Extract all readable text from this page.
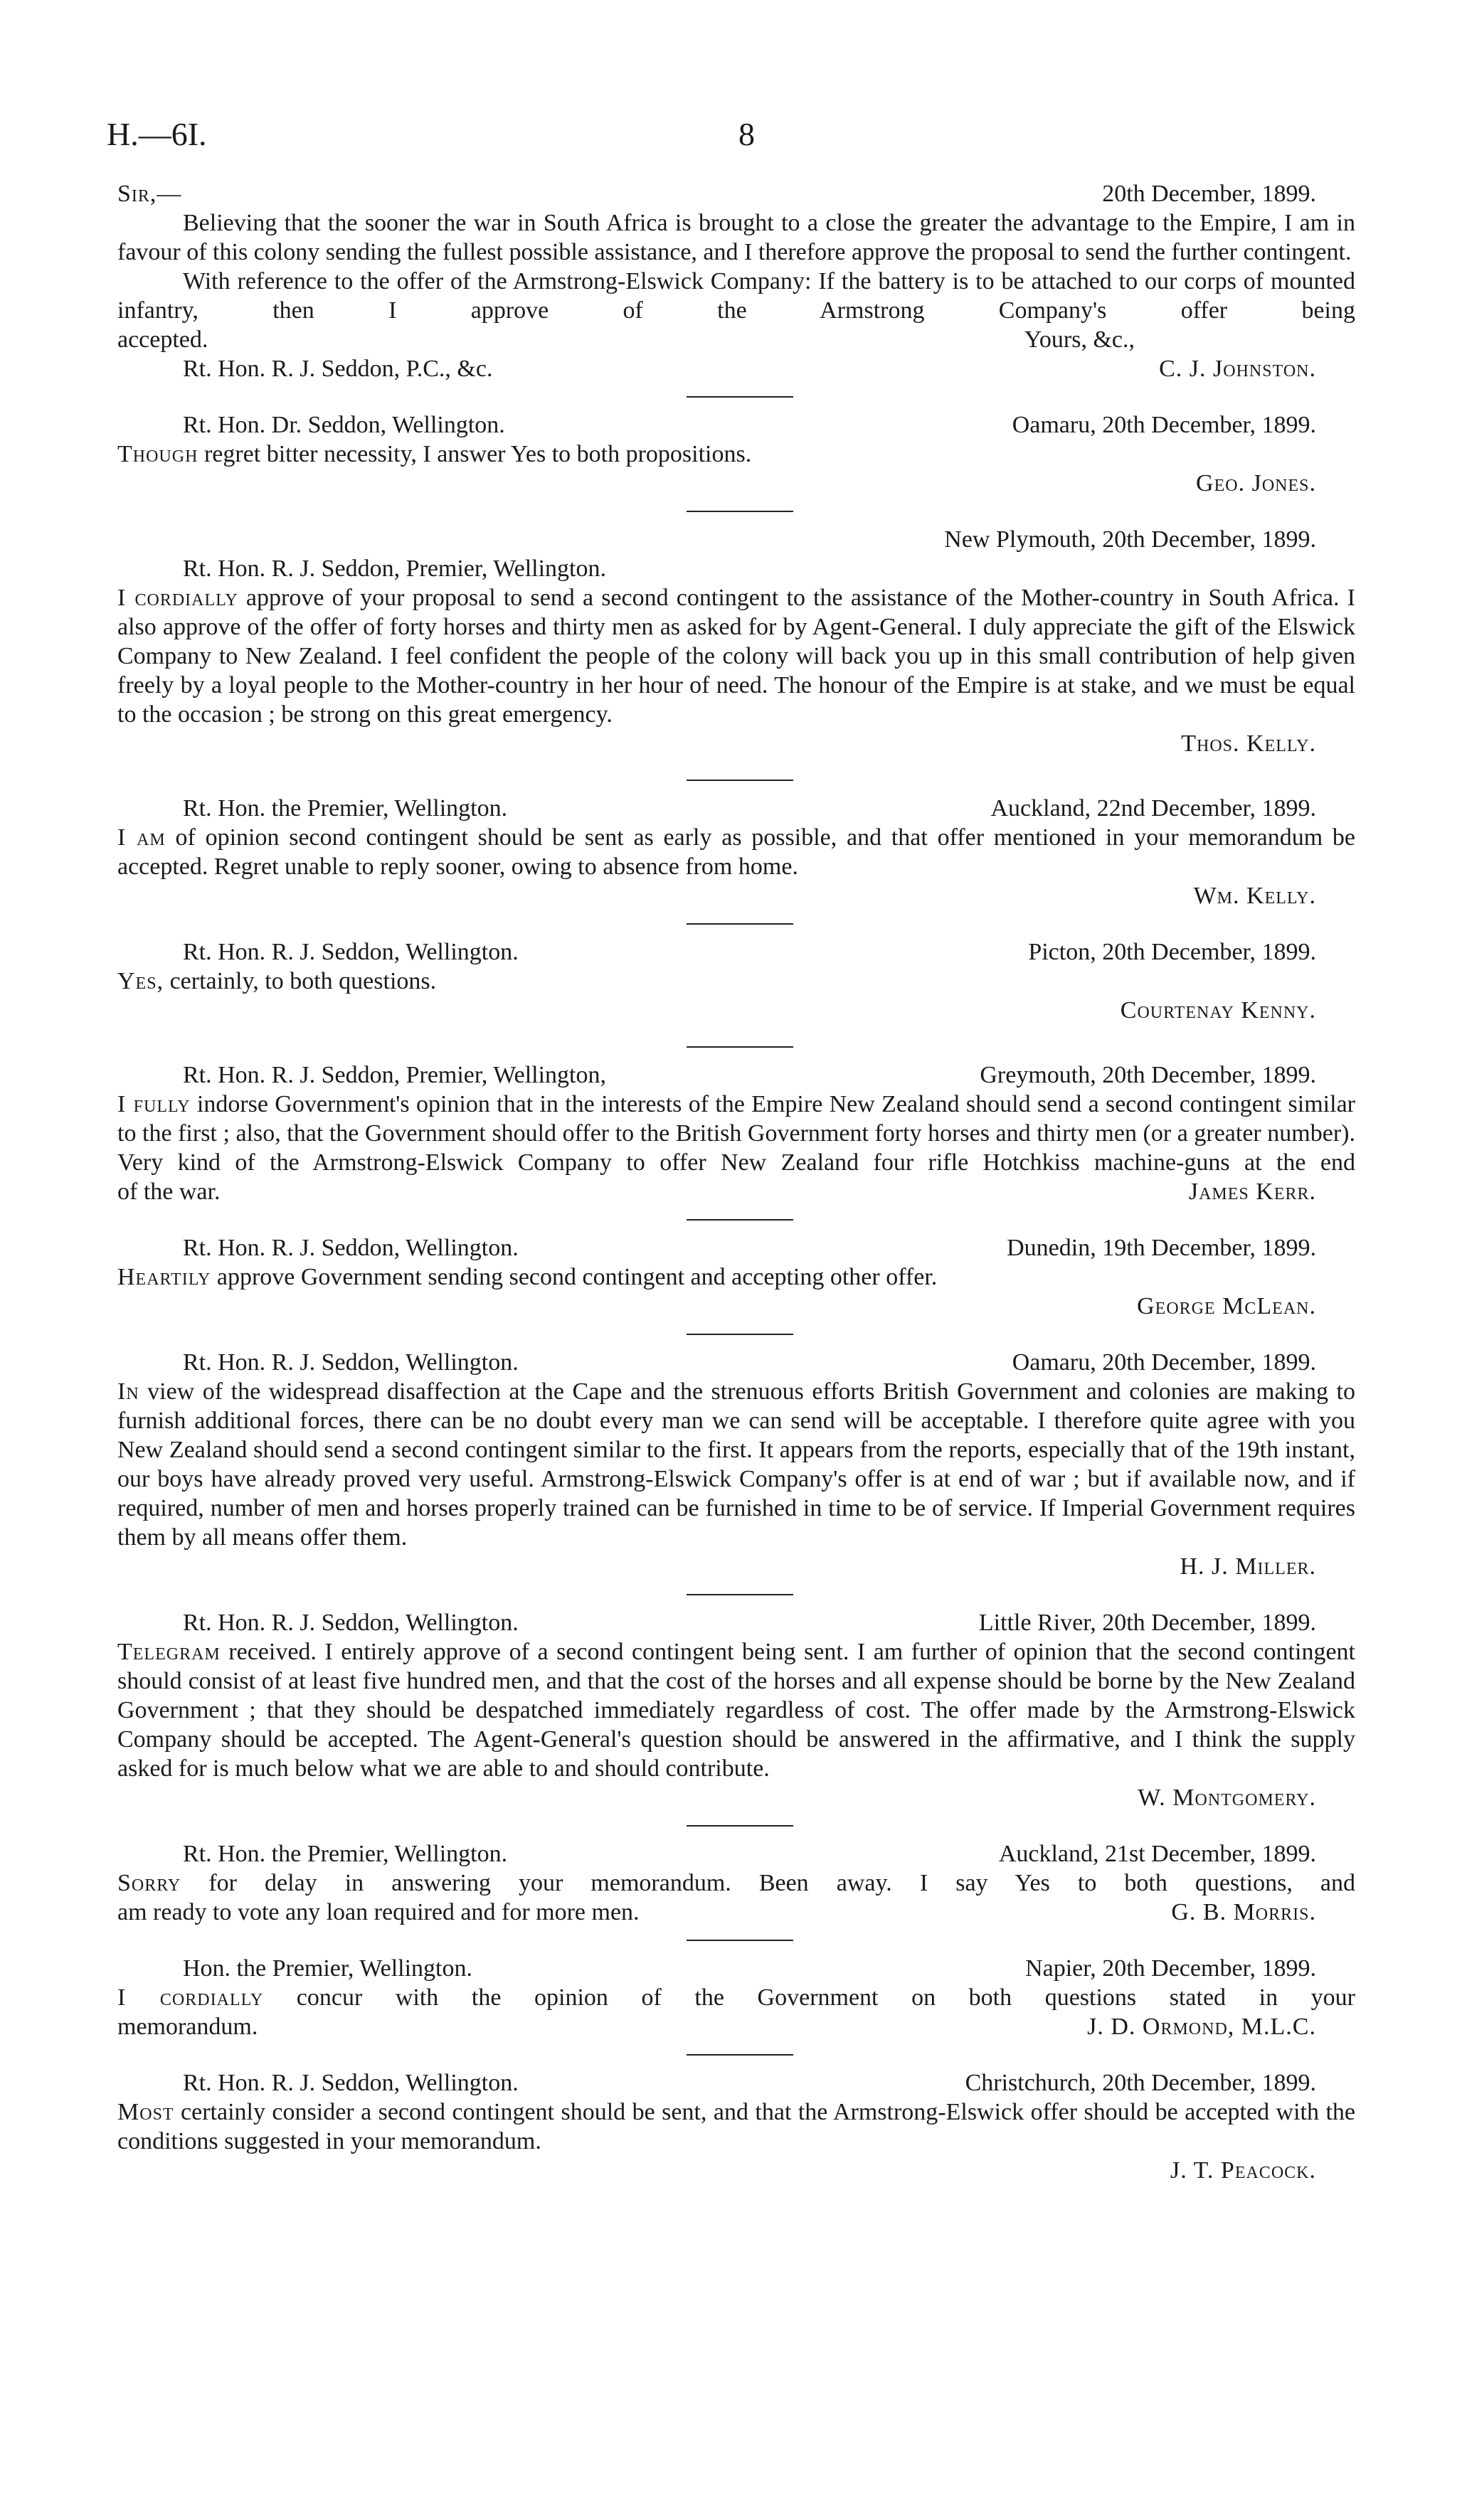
H.—6I.	8
Sir,—	20th December, 1899.
Believing that the sooner the war in South Africa is brought to a close the greater the advantage to the Empire, I am in favour of this colony sending the fullest possible assistance, and I therefore approve the proposal to send the further contingent.
With reference to the offer of the Armstrong-Elswick Company: If the battery is to be attached to our corps of mounted infantry, then I approve of the Armstrong Company's offer being
accepted.	Yours, &c.,
Rt. Hon. R. J. Seddon, P.C., &c.	C. J. Johnston.
Rt. Hon. Dr. Seddon, Wellington.	Oamaru, 20th December, 1899.
Though regret bitter necessity, I answer Yes to both propositions.
Geo. Jones.
New Plymouth, 20th December, 1899.
Rt. Hon. R. J. Seddon, Premier, Wellington.
I cordially approve of your proposal to send a second contingent to the assistance of the Mother-country in South Africa. I also approve of the offer of forty horses and thirty men as asked for by Agent-General. I duly appreciate the gift of the Elswick Company to New Zealand. I feel confident the people of the colony will back you up in this small contribution of help given freely by a loyal people to the Mother-country in her hour of need. The honour of the Empire is at stake, and we must be equal to the occasion ; be strong on this great emergency.
Thos. Kelly.
Rt. Hon. the Premier, Wellington.	Auckland, 22nd December, 1899.
I am of opinion second contingent should be sent as early as possible, and that offer mentioned in your memorandum be accepted. Regret unable to reply sooner, owing to absence from home.
Wm. Kelly.
Rt. Hon. R. J. Seddon, Wellington.	Picton, 20th December, 1899.
Yes, certainly, to both questions.
Courtenay Kenny.
Rt. Hon. R. J. Seddon, Premier, Wellington,	Greymouth, 20th December, 1899.
I fully indorse Government's opinion that in the interests of the Empire New Zealand should send a second contingent similar to the first ; also, that the Government should offer to the British Government forty horses and thirty men (or a greater number). Very kind of the Armstrong-Elswick Company to offer New Zealand four rifle Hotchkiss machine-guns at the end
of the war.	James Kerr.
Rt. Hon. R. J. Seddon, Wellington.	Dunedin, 19th December, 1899.
Heartily approve Government sending second contingent and accepting other offer.
George McLean.
Rt. Hon. R. J. Seddon, Wellington.	Oamaru, 20th December, 1899.
In view of the widespread disaffection at the Cape and the strenuous efforts British Government and colonies are making to furnish additional forces, there can be no doubt every man we can send will be acceptable. I therefore quite agree with you New Zealand should send a second contingent similar to the first. It appears from the reports, especially that of the 19th instant, our boys have already proved very useful. Armstrong-Elswick Company's offer is at end of war ; but if available now, and if required, number of men and horses properly trained can be furnished in time to be of service. If Imperial Government requires them by all means offer them.
H. J. Miller.
Rt. Hon. R. J. Seddon, Wellington.	Little River, 20th December, 1899.
Telegram received. I entirely approve of a second contingent being sent. I am further of opinion that the second contingent should consist of at least five hundred men, and that the cost of the horses and all expense should be borne by the New Zealand Government ; that they should be despatched immediately regardless of cost. The offer made by the Armstrong-Elswick Company should be accepted. The Agent-General's question should be answered in the affirmative, and I think the supply asked for is much below what we are able to and should contribute.
W. Montgomery.
Rt. Hon. the Premier, Wellington.	Auckland, 21st December, 1899.
Sorry for delay in answering your memorandum. Been away. I say Yes to both questions, and
am ready to vote any loan required and for more men.	G. B. Morris.
Hon. the Premier, Wellington.	Napier, 20th December, 1899.
I cordially concur with the opinion of the Government on both questions stated in your
memorandum.	J. D. Ormond, M.L.C.
Rt. Hon. R. J. Seddon, Wellington.	Christchurch, 20th December, 1899.
Most certainly consider a second contingent should be sent, and that the Armstrong-Elswick offer should be accepted with the conditions suggested in your memorandum.
J. T. Peacock.
